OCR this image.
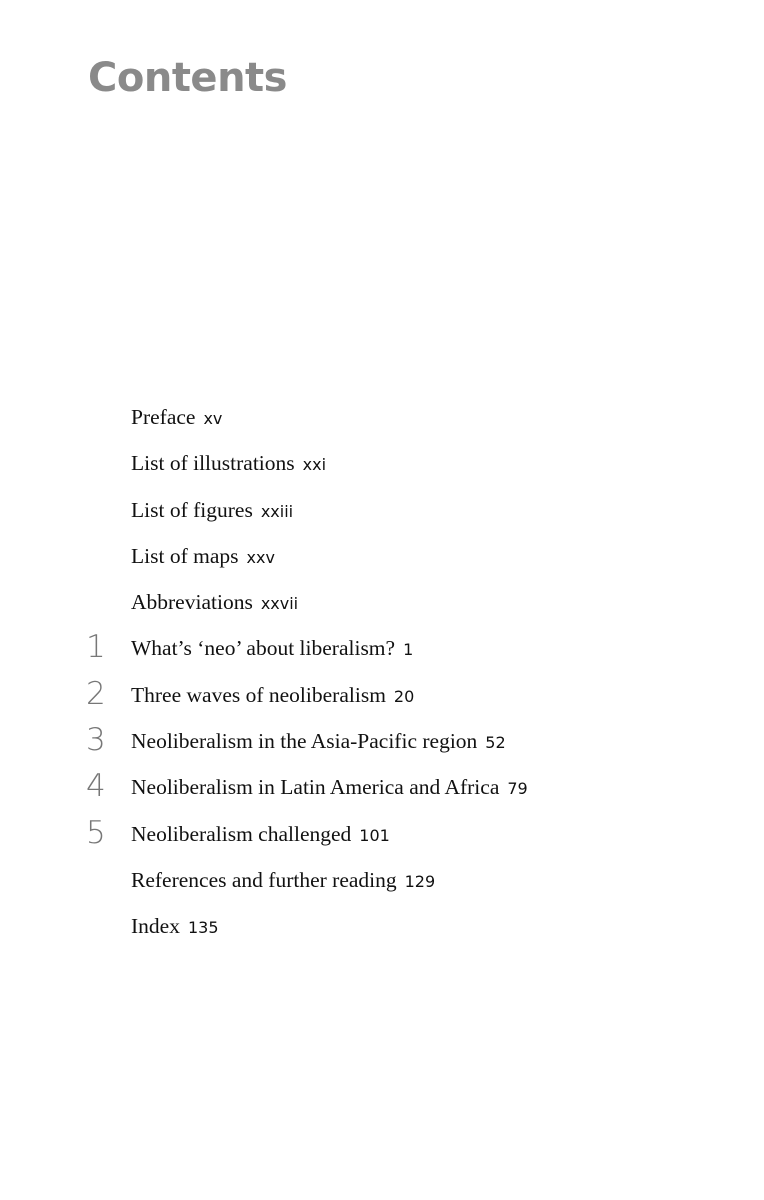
Contents
Preface xv
List of illustrations xxi
List of figures xxiii
List of maps xxv
Abbreviations xxvii
1	What’s ‘neo’ about liberalism? 1
2	Three waves of neoliberalism 20
3	Neoliberalism in the Asia-Pacific region 52
4	Neoliberalism in Latin America and Africa 79
5	Neoliberalism challenged 101
References and further reading 129
Index 135
